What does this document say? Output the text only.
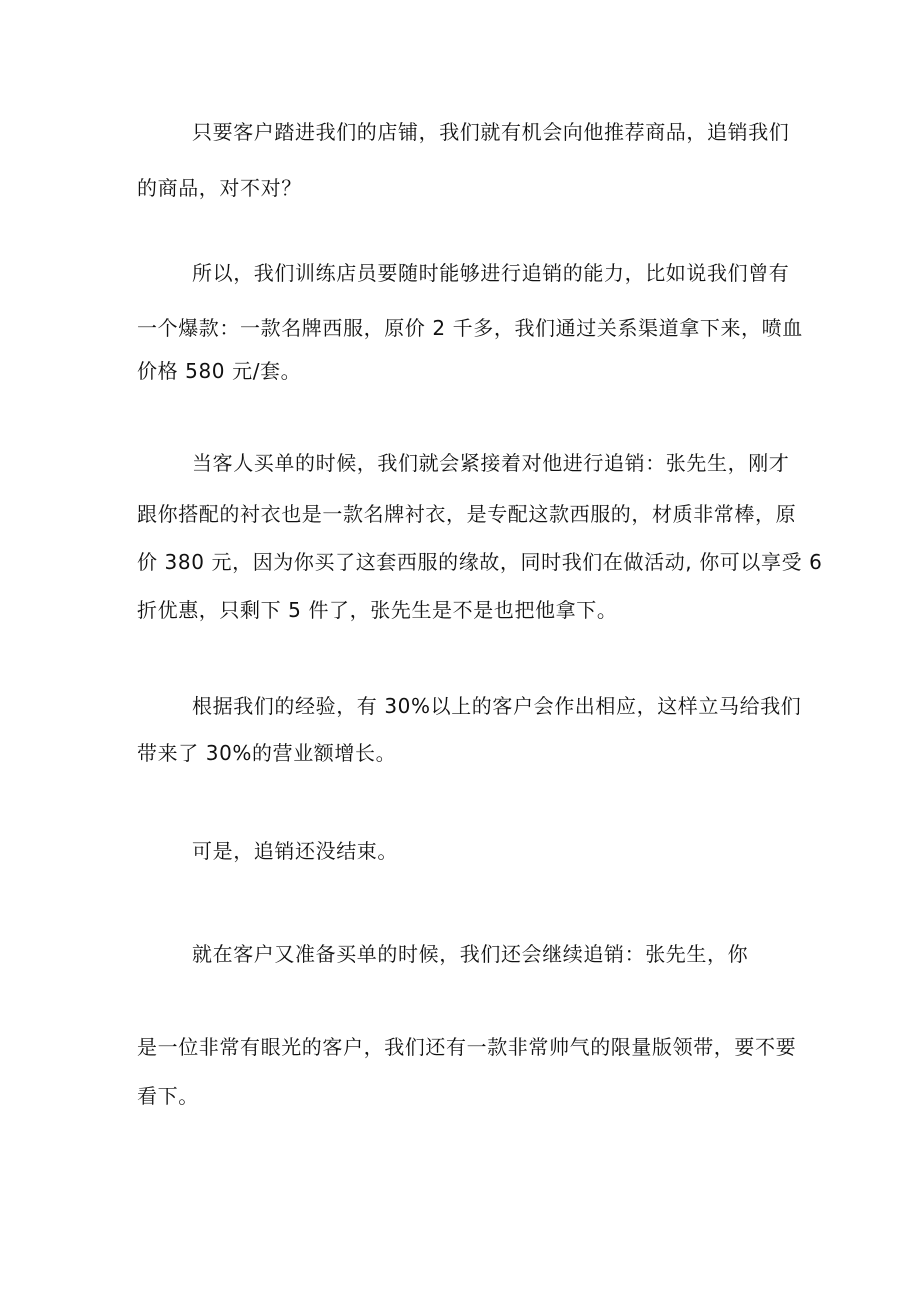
只要客户踏进我们的店铺，我们就有机会向他推荐商品，追销我们
的商品，对不对？
所以，我们训练店员要随时能够进行追销的能力，比如说我们曾有
一个爆款：一款名牌西服，原价 2 千多，我们通过关系渠道拿下来，喷血
价格 580 元/套。
当客人买单的时候，我们就会紧接着对他进行追销：张先生，刚才
跟你搭配的衬衣也是一款名牌衬衣，是专配这款西服的，材质非常棒，原
价 380 元，因为你买了这套西服的缘故，同时我们在做活动, 你可以享受 6
折优惠，只剩下 5 件了，张先生是不是也把他拿下。
根据我们的经验，有 30%以上的客户会作出相应，这样立马给我们
带来了 30%的营业额增长。
可是，追销还没结束。
就在客户又准备买单的时候，我们还会继续追销：张先生，你
是一位非常有眼光的客户，我们还有一款非常帅气的限量版领带，要不要
看下。
